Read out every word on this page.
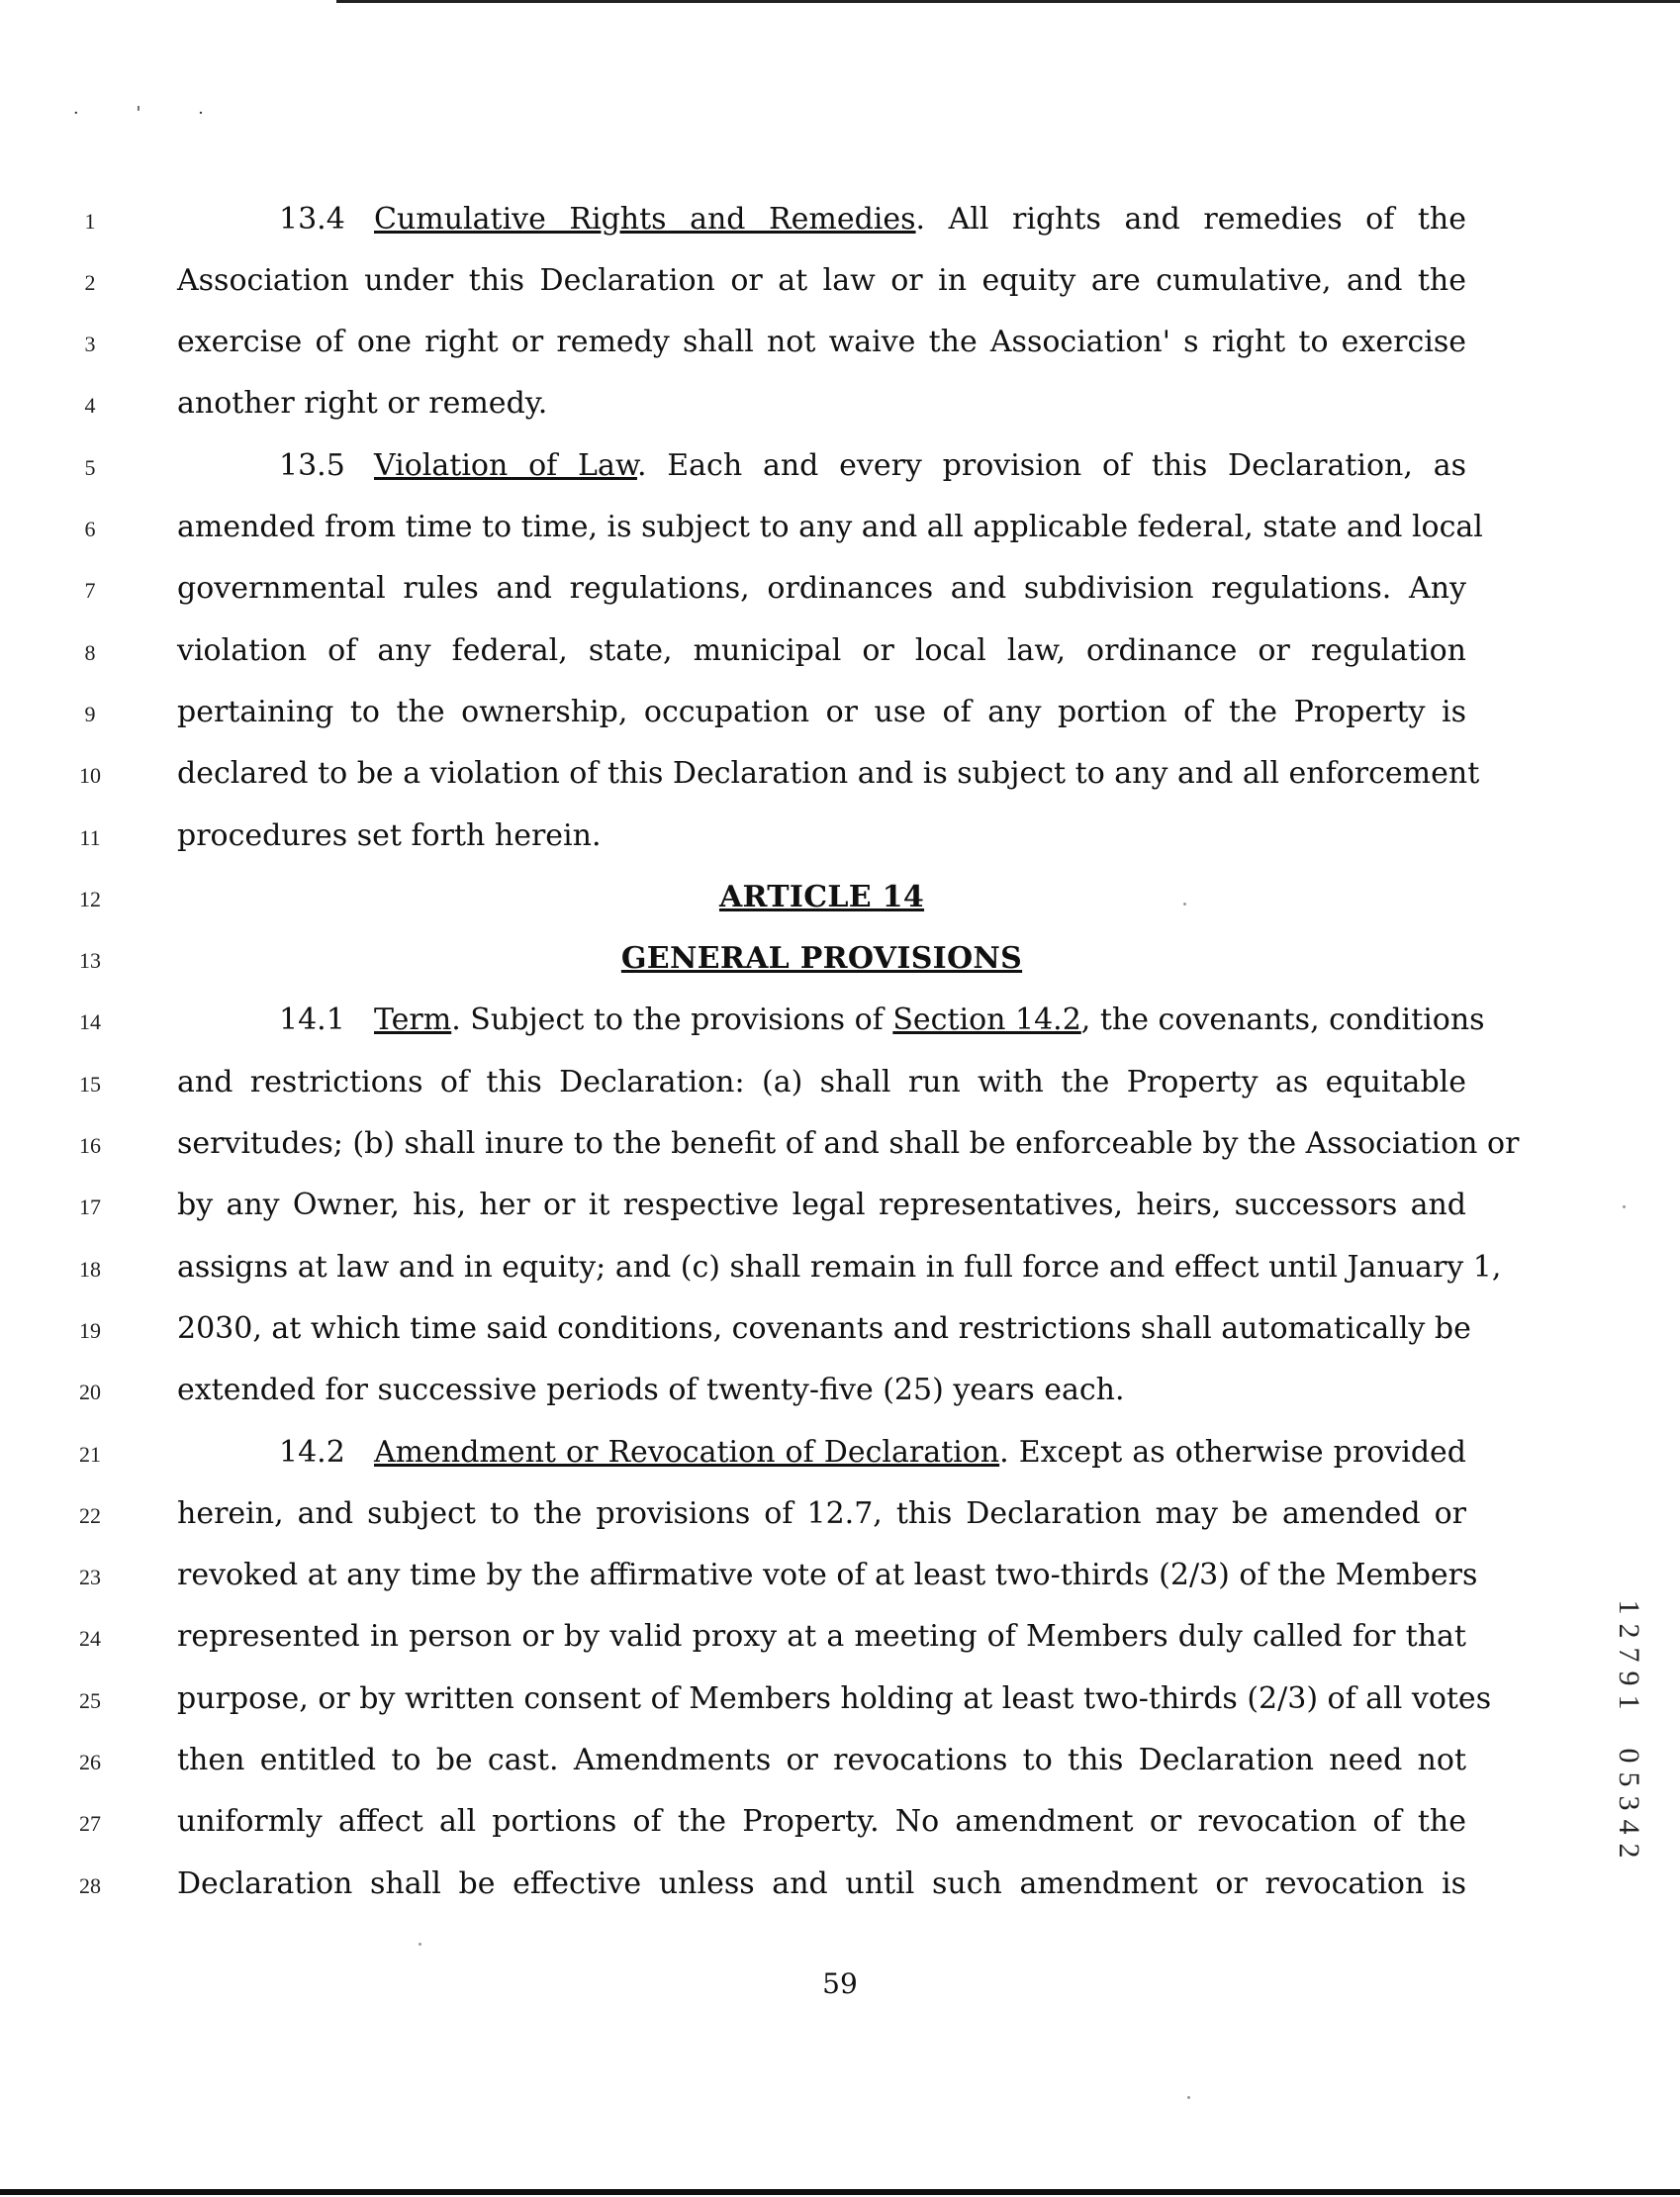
· ' ·
1
2
3
4
5
6
7
8
9
10
11
12
13
14
15
16
17
18
19
20
21
22
23
24
25
26
27
28
13.4 Cumulative Rights and Remedies. All rights and remedies of the
Association under this Declaration or at law or in equity are cumulative, and the
exercise of one right or remedy shall not waive the Association' s right to exercise
another right or remedy.
13.5 Violation of Law. Each and every provision of this Declaration, as
amended from time to time, is subject to any and all applicable federal, state and local
governmental rules and regulations, ordinances and subdivision regulations. Any
violation of any federal, state, municipal or local law, ordinance or regulation
pertaining to the ownership, occupation or use of any portion of the Property is
declared to be a violation of this Declaration and is subject to any and all enforcement
procedures set forth herein.
ARTICLE 14
GENERAL PROVISIONS
14.1 Term. Subject to the provisions of Section 14.2, the covenants, conditions
and restrictions of this Declaration: (a) shall run with the Property as equitable
servitudes; (b) shall inure to the benefit of and shall be enforceable by the Association or
by any Owner, his, her or it respective legal representatives, heirs, successors and
assigns at law and in equity; and (c) shall remain in full force and effect until January 1,
2030, at which time said conditions, covenants and restrictions shall automatically be
extended for successive periods of twenty-five (25) years each.
14.2 Amendment or Revocation of Declaration. Except as otherwise provided
herein, and subject to the provisions of 12.7, this Declaration may be amended or
revoked at any time by the affirmative vote of at least two-thirds (2/3) of the Members
represented in person or by valid proxy at a meeting of Members duly called for that
purpose, or by written consent of Members holding at least two-thirds (2/3) of all votes
then entitled to be cast. Amendments or revocations to this Declaration need not
uniformly affect all portions of the Property. No amendment or revocation of the
Declaration shall be effective unless and until such amendment or revocation is
59
1
2
7
9
1
0
5
3
4
2
